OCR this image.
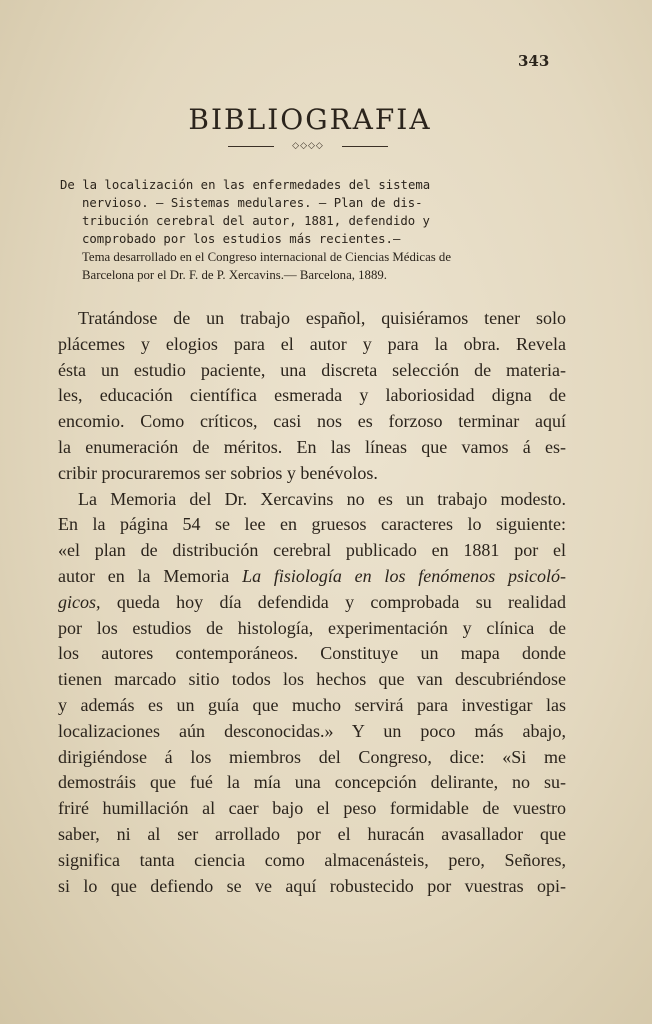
343
BIBLIOGRAFIA
◇◇◇◇
De la localización en las enfermedades del sistema
nervioso. — Sistemas medulares. — Plan de dis-
tribución cerebral del autor, 1881, defendido y
comprobado por los estudios más recientes.—
Tema desarrollado en el Congreso internacional de Ciencias Médicas de
Barcelona por el Dr. F. de P. Xercavins.— Barcelona, 1889.
Tratándose de un trabajo español, quisiéramos tener solo
plácemes y elogios para el autor y para la obra. Revela
ésta un estudio paciente, una discreta selección de materia-
les, educación científica esmerada y laboriosidad digna de
encomio. Como críticos, casi nos es forzoso terminar aquí
la enumeración de méritos. En las líneas que vamos á es-
cribir procuraremos ser sobrios y benévolos.
La Memoria del Dr. Xercavins no es un trabajo modesto.
En la página 54 se lee en gruesos caracteres lo siguiente:
«el plan de distribución cerebral publicado en 1881 por el
autor en la Memoria La fisiología en los fenómenos psicoló-
gicos, queda hoy día defendida y comprobada su realidad
por los estudios de histología, experimentación y clínica de
los autores contemporáneos. Constituye un mapa donde
tienen marcado sitio todos los hechos que van descubriéndose
y además es un guía que mucho servirá para investigar las
localizaciones aún desconocidas.» Y un poco más abajo,
dirigiéndose á los miembros del Congreso, dice: «Si me
demostráis que fué la mía una concepción delirante, no su-
friré humillación al caer bajo el peso formidable de vuestro
saber, ni al ser arrollado por el huracán avasallador que
significa tanta ciencia como almacenásteis, pero, Señores,
si lo que defiendo se ve aquí robustecido por vuestras opi-
